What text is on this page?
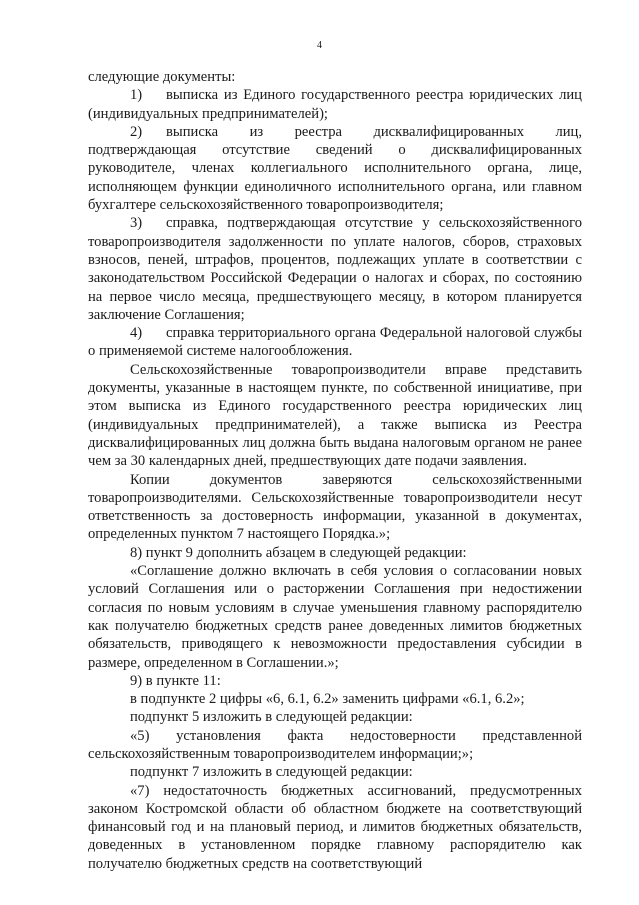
4

следующие документы:

1) выписка из Единого государственного реестра юридических лиц (индивидуальных предпринимателей);

2) выписка из реестра дисквалифицированных лиц, подтверждающая отсутствие сведений о дисквалифицированных руководителе, членах коллегиального исполнительного органа, лице, исполняющем функции единоличного исполнительного органа, или главном бухгалтере сельскохозяйственного товаропроизводителя;

3) справка, подтверждающая отсутствие у сельскохозяйственного товаропроизводителя задолженности по уплате налогов, сборов, страховых взносов, пеней, штрафов, процентов, подлежащих уплате в соответствии с законодательством Российской Федерации о налогах и сборах, по состоянию на первое число месяца, предшествующего месяцу, в котором планируется заключение Соглашения;

4) справка территориального органа Федеральной налоговой службы о применяемой системе налогообложения.

Сельскохозяйственные товаропроизводители вправе представить документы, указанные в настоящем пункте, по собственной инициативе, при этом выписка из Единого государственного реестра юридических лиц (индивидуальных предпринимателей), а также выписка из Реестра дисквалифицированных лиц должна быть выдана налоговым органом не ранее чем за 30 календарных дней, предшествующих дате подачи заявления.

Копии документов заверяются сельскохозяйственными товаропроизводителями. Сельскохозяйственные товаропроизводители несут ответственность за достоверность информации, указанной в документах, определенных пунктом 7 настоящего Порядка.»;

8) пункт 9 дополнить абзацем в следующей редакции:

«Соглашение должно включать в себя условия о согласовании новых условий Соглашения или о расторжении Соглашения при недостижении согласия по новым условиям в случае уменьшения главному распорядителю как получателю бюджетных средств ранее доведенных лимитов бюджетных обязательств, приводящего к невозможности предоставления субсидии в размере, определенном в Соглашении.»;

9) в пункте 11:

в подпункте 2 цифры «6, 6.1, 6.2» заменить цифрами «6.1, 6.2»;

подпункт 5 изложить в следующей редакции:

«5) установления факта недостоверности представленной сельскохозяйственным товаропроизводителем информации;»;

подпункт 7 изложить в следующей редакции:

«7) недостаточность бюджетных ассигнований, предусмотренных законом Костромской области об областном бюджете на соответствующий финансовый год и на плановый период, и лимитов бюджетных обязательств, доведенных в установленном порядке главному распорядителю как получателю бюджетных средств на соответствующий
